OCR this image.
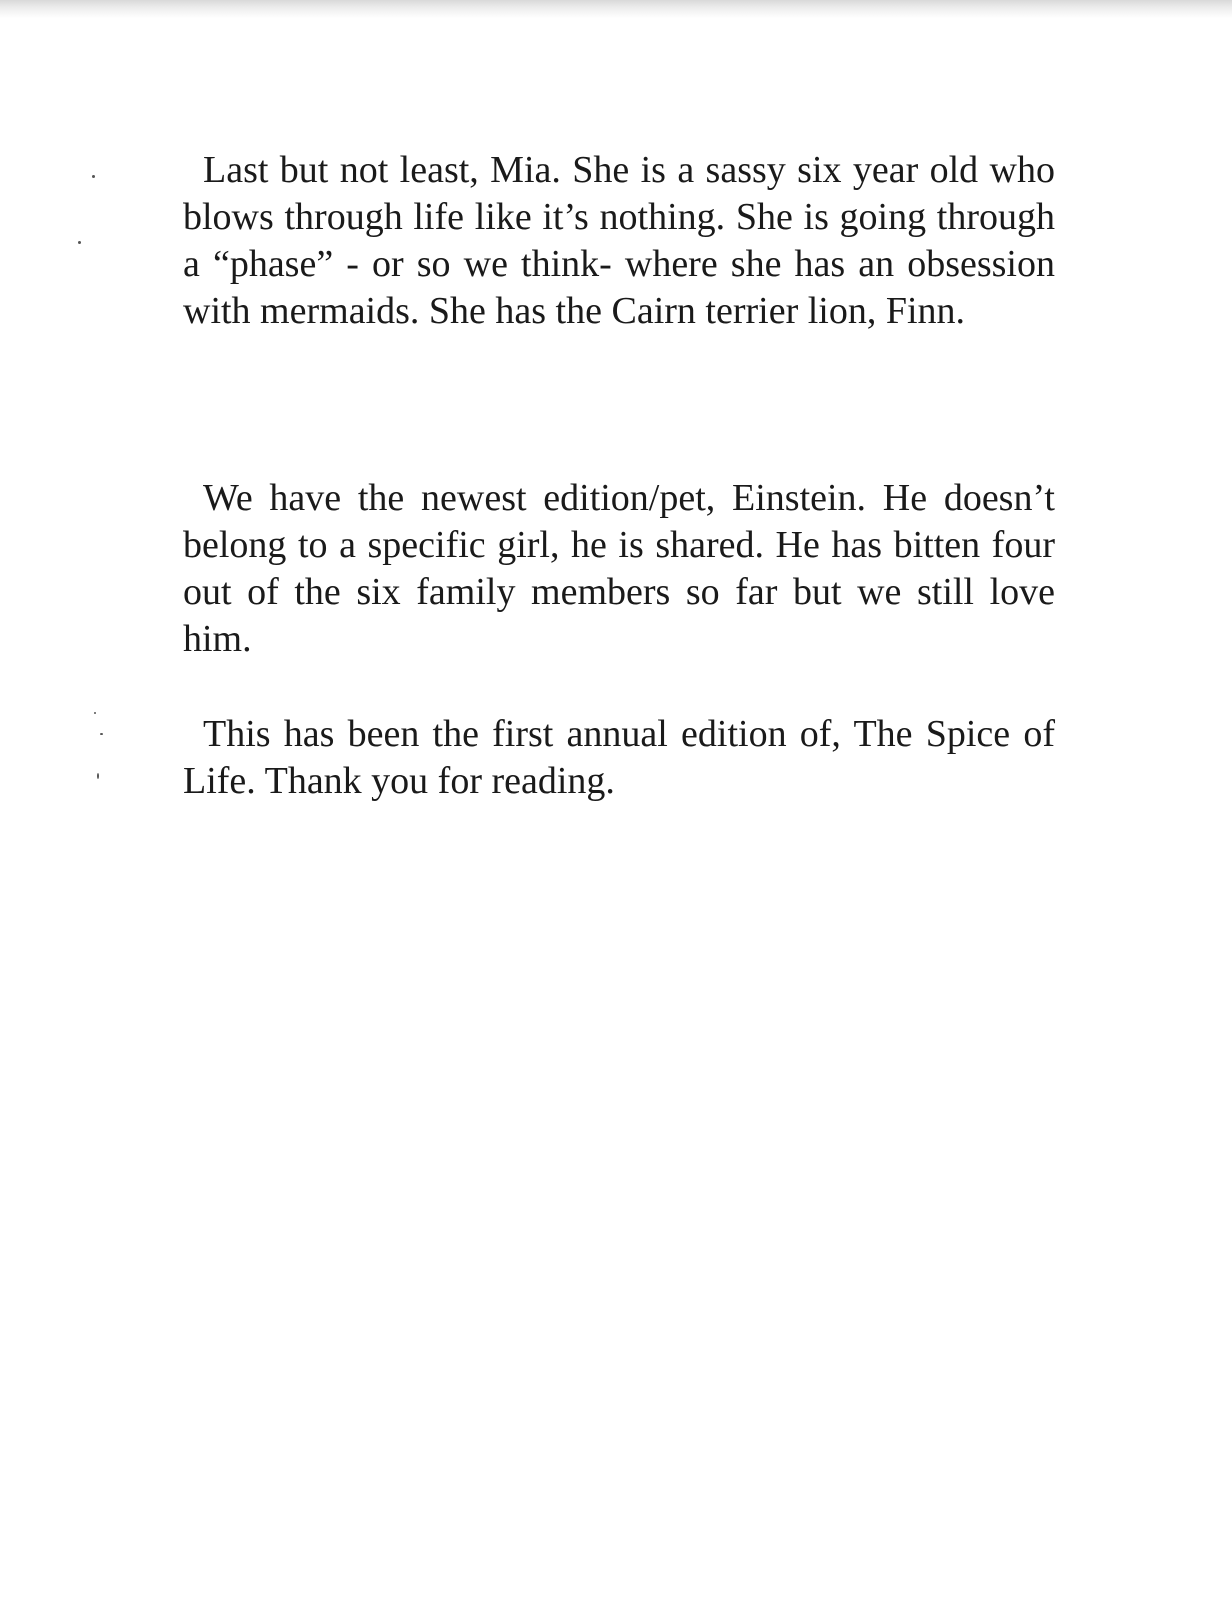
Last but not least, Mia. She is a sassy six year old who blows through life like it’s nothing. She is going through a “phase” - or so we think- where she has an obsession with mermaids. She has the Cairn terrier lion, Finn.

We have the newest edition/pet, Einstein. He doesn’t belong to a specific girl, he is shared. He has bitten four out of the six family members so far but we still love him.

This has been the first annual edition of, The Spice of Life. Thank you for reading.
